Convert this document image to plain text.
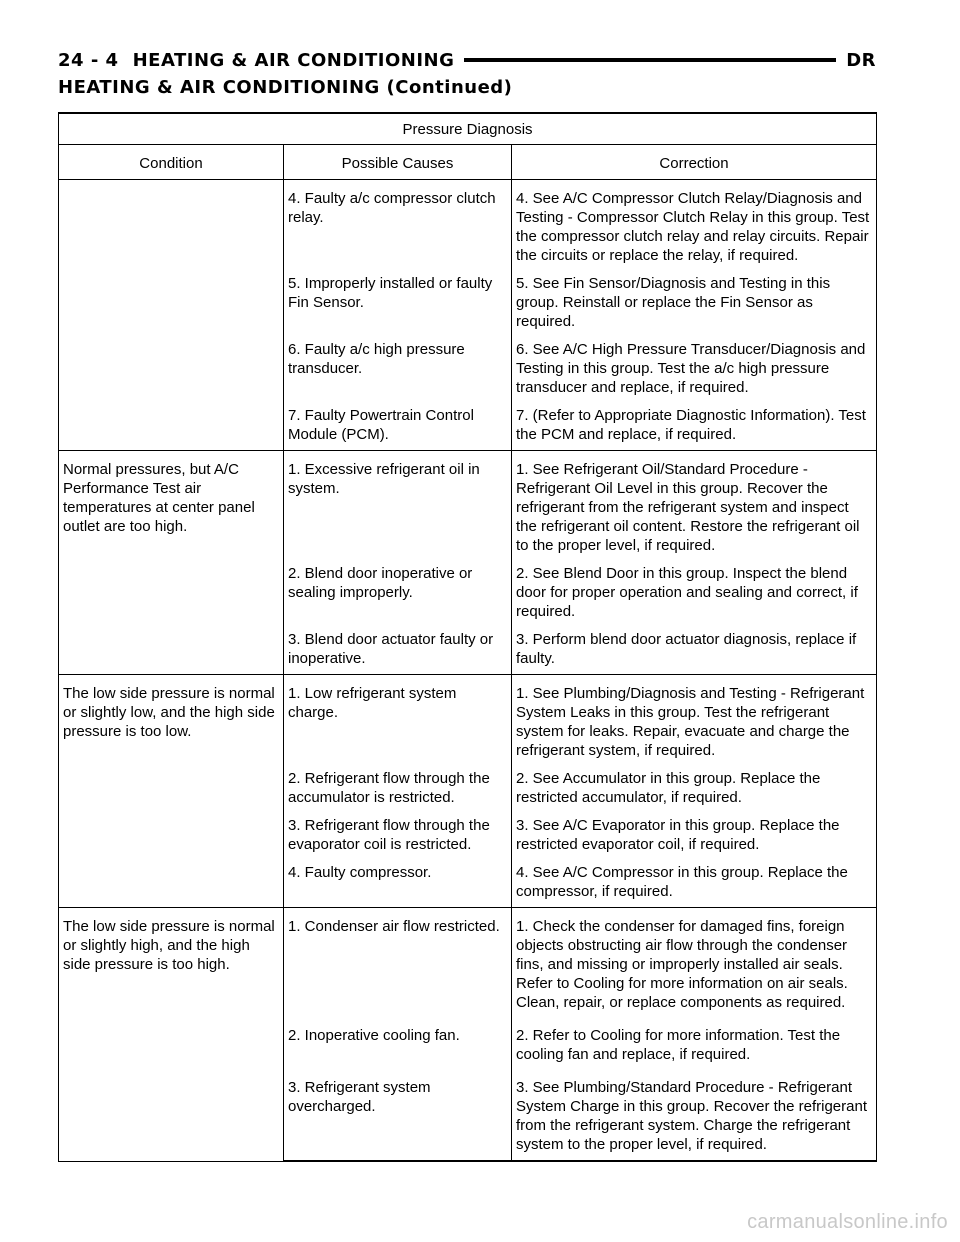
24 - 4 HEATING & AIR CONDITIONING	DR
HEATING & AIR CONDITIONING (Continued)
Pressure Diagnosis		
Condition	Possible Causes	Correction
	4. Faulty a/c compressor clutch relay.	4. See A/C Compressor Clutch Relay/Diagnosis and Testing - Compressor Clutch Relay in this group. Test the compressor clutch relay and relay circuits. Repair the circuits or replace the relay, if required.
	5. Improperly installed or faulty Fin Sensor.	5. See Fin Sensor/Diagnosis and Testing in this group. Reinstall or replace the Fin Sensor as required.
	6. Faulty a/c high pressure transducer.	6. See A/C High Pressure Transducer/Diagnosis and Testing in this group. Test the a/c high pressure transducer and replace, if required.
	7. Faulty Powertrain Control Module (PCM).	7. (Refer to Appropriate Diagnostic Information). Test the PCM and replace, if required.
Normal pressures, but A/C Performance Test air temperatures at center panel outlet are too high.	1. Excessive refrigerant oil in system.	1. See Refrigerant Oil/Standard Procedure - Refrigerant Oil Level in this group. Recover the refrigerant from the refrigerant system and inspect the refrigerant oil content. Restore the refrigerant oil to the proper level, if required.
	2. Blend door inoperative or sealing improperly.	2. See Blend Door in this group. Inspect the blend door for proper operation and sealing and correct, if required.
	3. Blend door actuator faulty or inoperative.	3. Perform blend door actuator diagnosis, replace if faulty.
The low side pressure is normal or slightly low, and the high side pressure is too low.	1. Low refrigerant system charge.	1. See Plumbing/Diagnosis and Testing - Refrigerant System Leaks in this group. Test the refrigerant system for leaks. Repair, evacuate and charge the refrigerant system, if required.
	2. Refrigerant flow through the accumulator is restricted.	2. See Accumulator in this group. Replace the restricted accumulator, if required.
	3. Refrigerant flow through the evaporator coil is restricted.	3. See A/C Evaporator in this group. Replace the restricted evaporator coil, if required.
	4. Faulty compressor.	4. See A/C Compressor in this group. Replace the compressor, if required.
The low side pressure is normal or slightly high, and the high side pressure is too high.	1. Condenser air flow restricted.	1. Check the condenser for damaged fins, foreign objects obstructing air flow through the condenser fins, and missing or improperly installed air seals. Refer to Cooling for more information on air seals. Clean, repair, or replace components as required.
	2. Inoperative cooling fan.	2. Refer to Cooling for more information. Test the cooling fan and replace, if required.
	3. Refrigerant system overcharged.	3. See Plumbing/Standard Procedure - Refrigerant System Charge in this group. Recover the refrigerant from the refrigerant system. Charge the refrigerant system to the proper level, if required.
carmanualsonline.info
